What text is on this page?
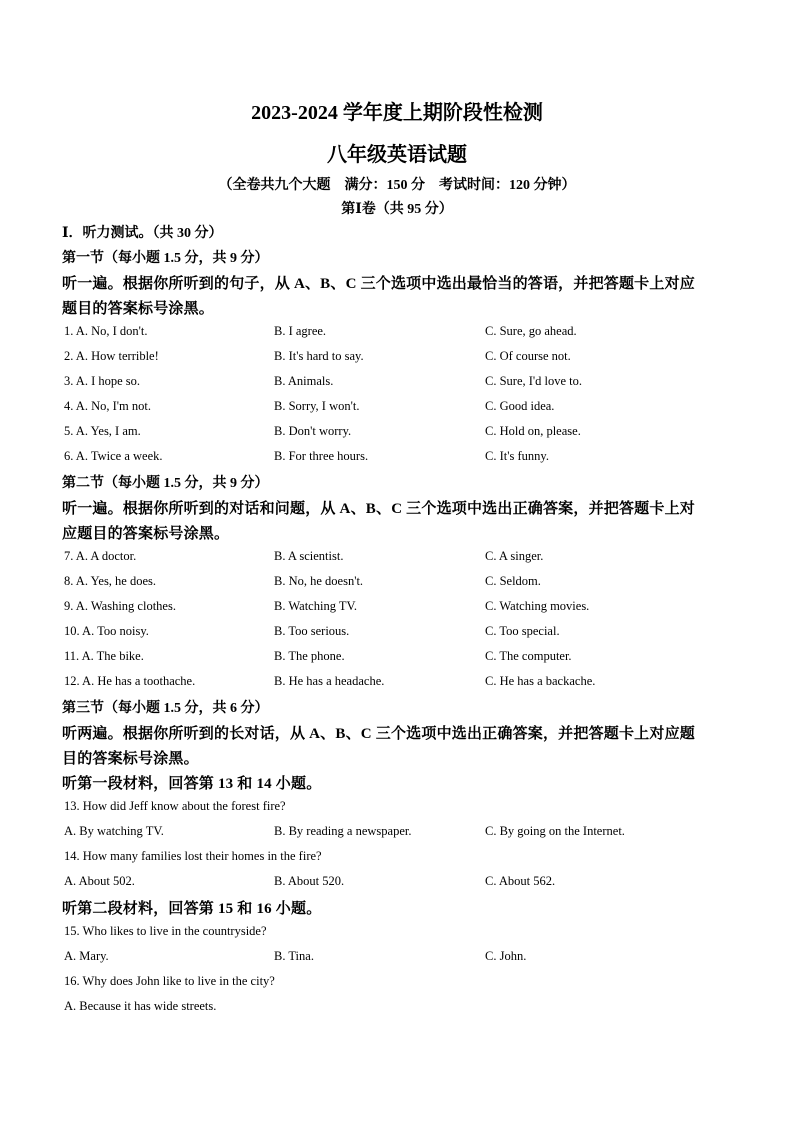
2023-2024 学年度上期阶段性检测
八年级英语试题
（全卷共九个大题　满分：150 分　考试时间：120 分钟）
第Ⅰ卷（共 95 分）
Ⅰ．听力测试。（共 30 分）
第一节（每小题 1.5 分，共 9 分）
听一遍。根据你所听到的句子，从 A、B、C 三个选项中选出最恰当的答语，并把答题卡上对应
题目的答案标号涂黑。
1. A. No, I don't.	B. I agree.	C. Sure, go ahead.
2. A. How terrible!	B. It's hard to say.	C. Of course not.
3. A. I hope so.	B. Animals.	C. Sure, I'd love to.
4. A. No, I'm not.	B. Sorry, I won't.	C. Good idea.
5. A. Yes, I am.	B. Don't worry.	C. Hold on, please.
6. A. Twice a week.	B. For three hours.	C. It's funny.
第二节（每小题 1.5 分，共 9 分）
听一遍。根据你所听到的对话和问题，从 A、B、C 三个选项中选出正确答案，并把答题卡上对
应题目的答案标号涂黑。
7. A. A doctor.	B. A scientist.	C. A singer.
8. A. Yes, he does.	B. No, he doesn't.	C. Seldom.
9. A. Washing clothes.	B. Watching TV.	C. Watching movies.
10. A. Too noisy.	B. Too serious.	C. Too special.
11. A. The bike.	B. The phone.	C. The computer.
12. A. He has a toothache.	B. He has a headache.	C. He has a backache.
第三节（每小题 1.5 分，共 6 分）
听两遍。根据你所听到的长对话，从 A、B、C 三个选项中选出正确答案，并把答题卡上对应题
目的答案标号涂黑。
听第一段材料，回答第 13 和 14 小题。
13. How did Jeff know about the forest fire?
A. By watching TV.	B. By reading a newspaper.	C. By going on the Internet.
14. How many families lost their homes in the fire?
A. About 502.	B. About 520.	C. About 562.
听第二段材料，回答第 15 和 16 小题。
15. Who likes to live in the countryside?
A. Mary.	B. Tina.	C. John.
16. Why does John like to live in the city?
A. Because it has wide streets.
